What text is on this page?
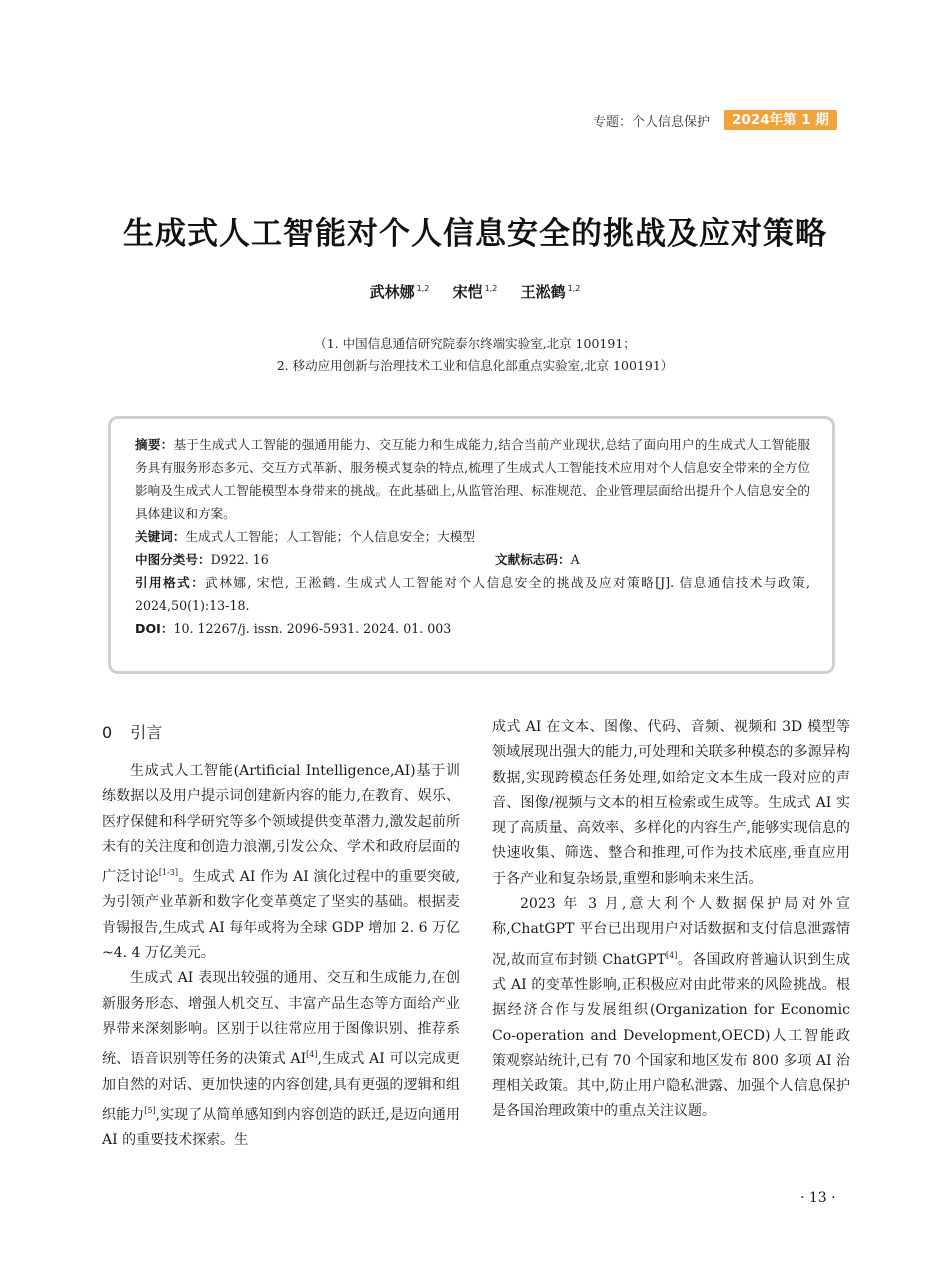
专题：个人信息保护	2024年第 1 期
生成式人工智能对个人信息安全的挑战及应对策略
武林娜 $^{1,2}$ 宋恺 $^{1,2}$ 王淞鹤 $^{1,2}$
（1. 中国信息通信研究院泰尔终端实验室,北京 100191；
2. 移动应用创新与治理技术工业和信息化部重点实验室,北京 100191）

摘要：基于生成式人工智能的强通用能力、交互能力和生成能力,结合当前产业现状,总结了面向用户的生成式人工智能服务具有服务形态多元、交互方式革新、服务模式复杂的特点,梳理了生成式人工智能技术应用对个人信息安全带来的全方位影响及生成式人工智能模型本身带来的挑战。在此基础上,从监管治理、标准规范、企业管理层面给出提升个人信息安全的具体建议和方案。

关键词：生成式人工智能；人工智能；个人信息安全；大模型

中图分类号：D922. 16	文献标志码：A

引用格式：武林娜, 宋恺, 王淞鹤. 生成式人工智能对个人信息安全的挑战及应对策略[J]. 信息通信技术与政策, 2024,50(1):13-18.

DOI：10. 12267/j. issn. 2096-5931. 2024. 01. 003

0 引言

生成式人工智能(Artificial Intelligence,AI)基于训练数据以及用户提示词创建新内容的能力,在教育、娱乐、医疗保健和科学研究等多个领域提供变革潜力,激发起前所未有的关注度和创造力浪潮,引发公众、学术和政府层面的广泛讨论[1-3]。生成式 AI 作为 AI 演化过程中的重要突破,为引领产业革新和数字化变革奠定了坚实的基础。根据麦肯锡报告,生成式 AI 每年或将为全球 GDP 增加 2. 6 万亿~4. 4 万亿美元。

生成式 AI 表现出较强的通用、交互和生成能力,在创新服务形态、增强人机交互、丰富产品生态等方面给产业界带来深刻影响。区别于以往常应用于图像识别、推荐系统、语音识别等任务的决策式 AI[4],生成式 AI 可以完成更加自然的对话、更加快速的内容创建,具有更强的逻辑和组织能力[5],实现了从简单感知到内容创造的跃迁,是迈向通用 AI 的重要技术探索。生

成式 AI 在文本、图像、代码、音频、视频和 3D 模型等领域展现出强大的能力,可处理和关联多种模态的多源异构数据,实现跨模态任务处理,如给定文本生成一段对应的声音、图像/视频与文本的相互检索或生成等。生成式 AI 实现了高质量、高效率、多样化的内容生产,能够实现信息的快速收集、筛选、整合和推理,可作为技术底座,垂直应用于各产业和复杂场景,重塑和影响未来生活。

2023 年 3 月,意大利个人数据保护局对外宣称,ChatGPT 平台已出现用户对话数据和支付信息泄露情况,故而宣布封锁 ChatGPT[4]。各国政府普遍认识到生成式 AI 的变革性影响,正积极应对由此带来的风险挑战。根据经济合作与发展组织(Organization for Economic Co-operation and Development,OECD)人工智能政策观察站统计,已有 70 个国家和地区发布 800 多项 AI 治理相关政策。其中,防止用户隐私泄露、加强个人信息保护是各国治理政策中的重点关注议题。

· 13 ·
